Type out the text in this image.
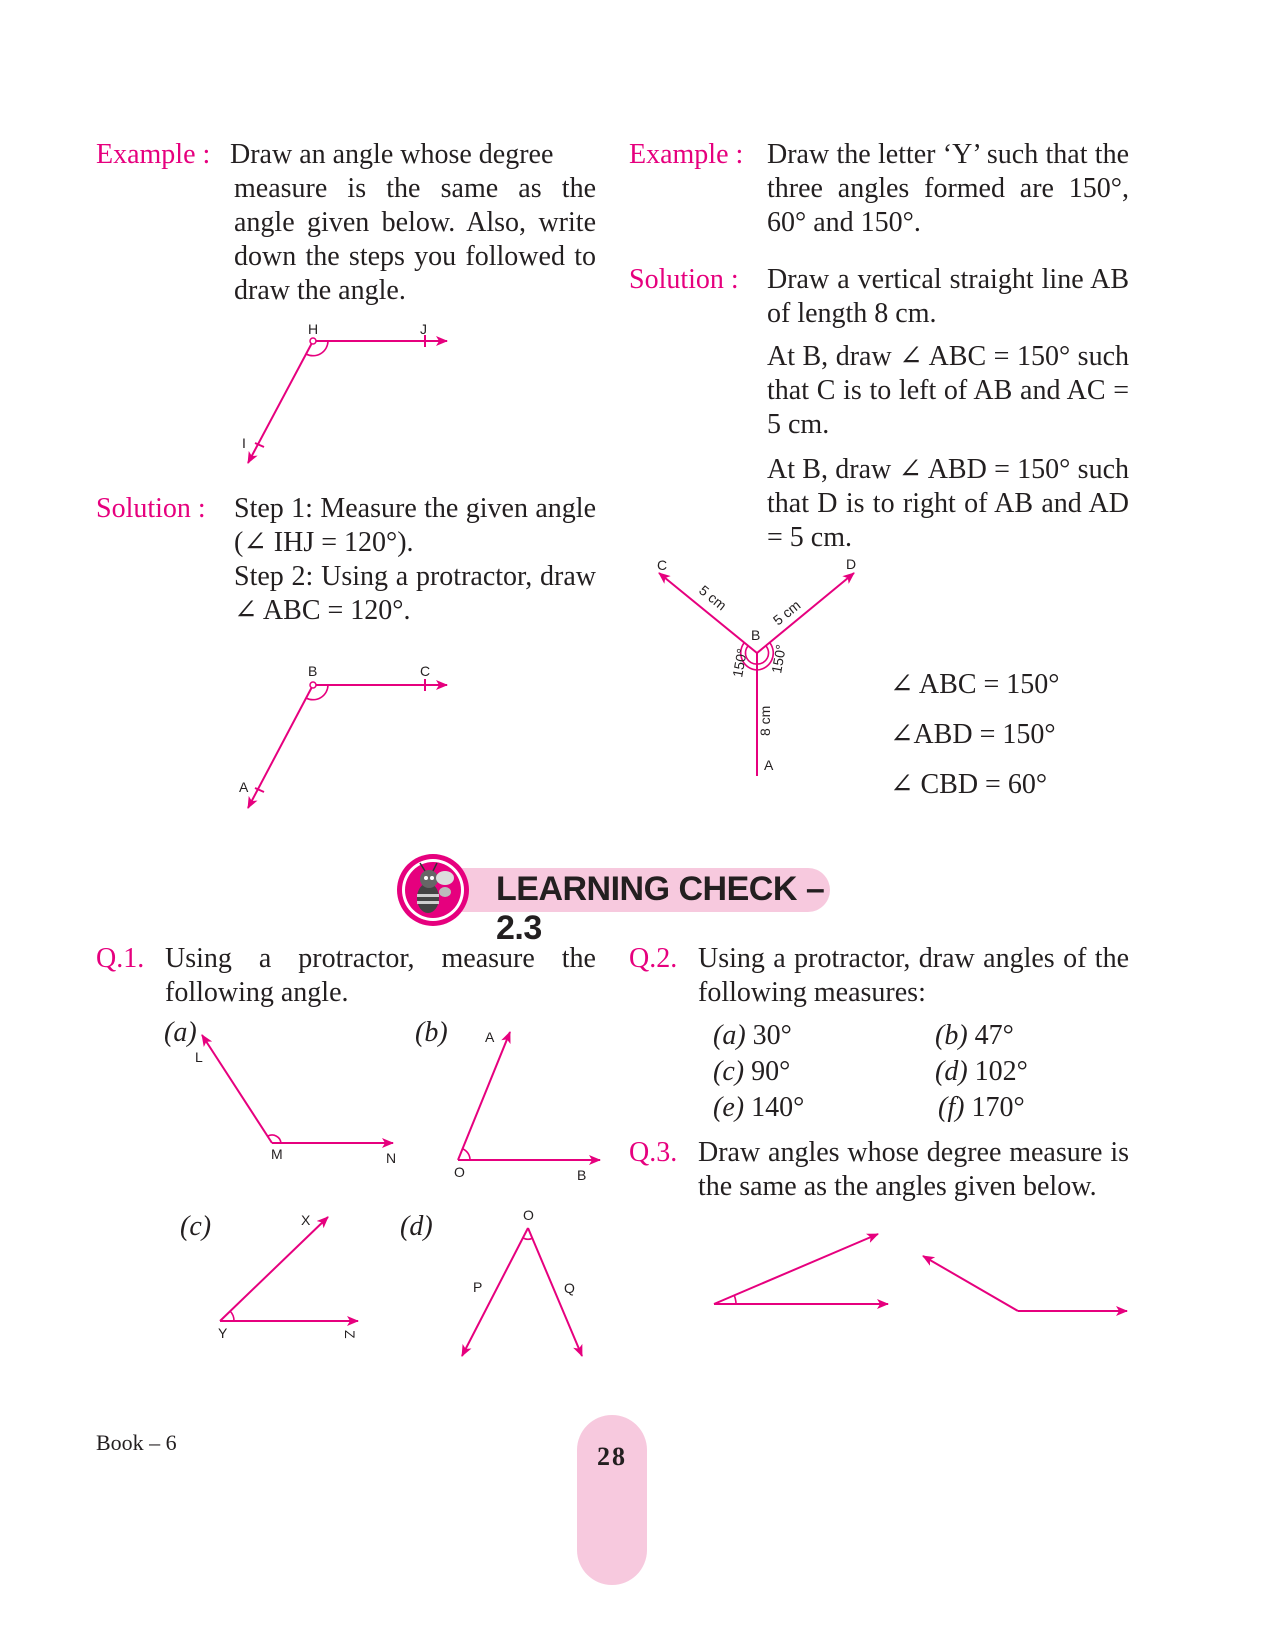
Example : Draw an angle whose degree
measure is the same as the angle given below. Also, write down the steps you followed to draw the angle.
H	J
I
Solution : Step 1: Measure the given angle (∠ IHJ = 120°).
Step 2: Using a protractor, draw ∠ ABC = 120°.
B	C
A
Example : Draw the letter ‘Y’ such that the three angles formed are 150°, 60° and 150°.
Solution : Draw a vertical straight line AB of length 8 cm.
At B, draw ∠ ABC = 150° such that C is to left of AB and AC = 5 cm.
At B, draw ∠ ABD = 150° such that D is to right of AB and AD = 5 cm.
C	D
B
A
5 cm	5 cm
8 cm
150° 150°
∠ ABC = 150°
∠ABD = 150°
∠ CBD = 60°
LEARNING CHECK – 2.3
Q.1. Using a protractor, measure the following angle.
(a)	(b)
(c)	(d)
L
M	N
A
O	B
X
Y	Z
O
P	Q
Q.2. Using a protractor, draw angles of the following measures:
(a) 30°	(b) 47°
(c) 90°	(d) 102°
(e) 140°	(f) 170°
Q.3. Draw angles whose degree measure is the same as the angles given below.
Book – 6	28
